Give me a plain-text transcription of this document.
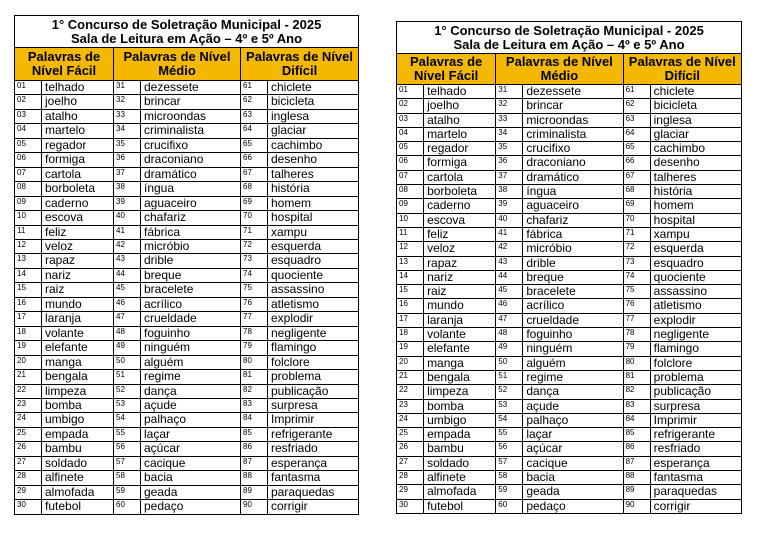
1° Concurso de Soletração Municipal - 2025
Sala de Leitura em Ação – 4º e 5º Ano					

Palavras de Nível Fácil		Palavras de Nível Médio		Palavras de Nível Difícil	
01	telhado	31	dezessete	61	chiclete
02	joelho	32	brincar	62	bicicleta
03	atalho	33	microondas	63	inglesa
04	martelo	34	criminalista	64	glaciar
05	regador	35	crucifixo	65	cachimbo
06	formiga	36	draconiano	66	desenho
07	cartola	37	dramático	67	talheres
08	borboleta	38	íngua	68	história
09	caderno	39	aguaceiro	69	homem
10	escova	40	chafariz	70	hospital
11	feliz	41	fábrica	71	xampu
12	veloz	42	micróbio	72	esquerda
13	rapaz	43	drible	73	esquadro
14	nariz	44	breque	74	quociente
15	raiz	45	bracelete	75	assassino
16	mundo	46	acrílico	76	atletismo
17	laranja	47	crueldade	77	explodir
18	volante	48	foguinho	78	negligente
19	elefante	49	ninguém	79	flamingo
20	manga	50	alguém	80	folclore
21	bengala	51	regime	81	problema
22	limpeza	52	dança	82	publicação
23	bomba	53	açude	83	surpresa
24	umbigo	54	palhaço	84	Imprimir
25	empada	55	laçar	85	refrigerante
26	bambu	56	açúcar	86	resfriado
27	soldado	57	cacique	87	esperança
28	alfinete	58	bacia	88	fantasma
29	almofada	59	geada	89	paraquedas
30	futebol	60	pedaço	90	corrigir
1° Concurso de Soletração Municipal - 2025
Sala de Leitura em Ação – 4º e 5º Ano					

Palavras de Nível Fácil		Palavras de Nível Médio		Palavras de Nível Difícil	
01	telhado	31	dezessete	61	chiclete
02	joelho	32	brincar	62	bicicleta
03	atalho	33	microondas	63	inglesa
04	martelo	34	criminalista	64	glaciar
05	regador	35	crucifixo	65	cachimbo
06	formiga	36	draconiano	66	desenho
07	cartola	37	dramático	67	talheres
08	borboleta	38	íngua	68	história
09	caderno	39	aguaceiro	69	homem
10	escova	40	chafariz	70	hospital
11	feliz	41	fábrica	71	xampu
12	veloz	42	micróbio	72	esquerda
13	rapaz	43	drible	73	esquadro
14	nariz	44	breque	74	quociente
15	raiz	45	bracelete	75	assassino
16	mundo	46	acrílico	76	atletismo
17	laranja	47	crueldade	77	explodir
18	volante	48	foguinho	78	negligente
19	elefante	49	ninguém	79	flamingo
20	manga	50	alguém	80	folclore
21	bengala	51	regime	81	problema
22	limpeza	52	dança	82	publicação
23	bomba	53	açude	83	surpresa
24	umbigo	54	palhaço	84	Imprimir
25	empada	55	laçar	85	refrigerante
26	bambu	56	açúcar	86	resfriado
27	soldado	57	cacique	87	esperança
28	alfinete	58	bacia	88	fantasma
29	almofada	59	geada	89	paraquedas
30	futebol	60	pedaço	90	corrigir
